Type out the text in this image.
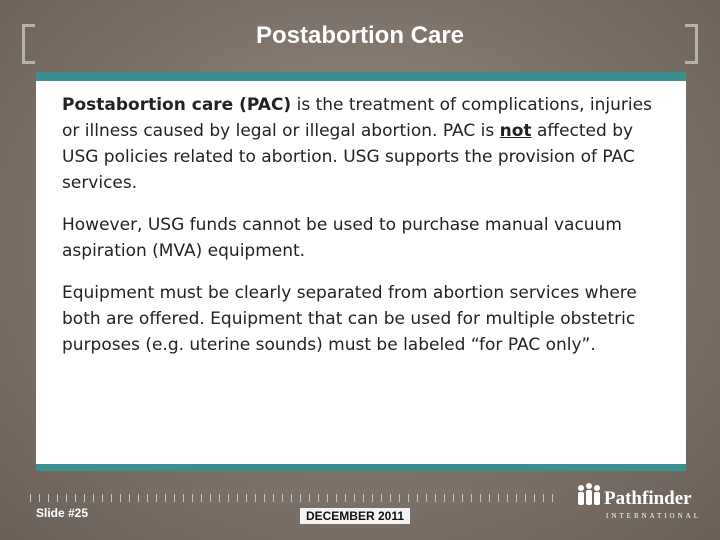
Postabortion Care

Postabortion care (PAC) is the treatment of complications, injuries or illness caused by legal or illegal abortion. PAC is not affected by USG policies related to abortion. USG supports the provision of PAC services.

However, USG funds cannot be used to purchase manual vacuum aspiration (MVA) equipment.

Equipment must be clearly separated from abortion services where both are offered. Equipment that can be used for multiple obstetric purposes (e.g. uterine sounds) must be labeled “for PAC only”.

Slide #25	DECEMBER 2011
Pathfinder
INTERNATIONAL
